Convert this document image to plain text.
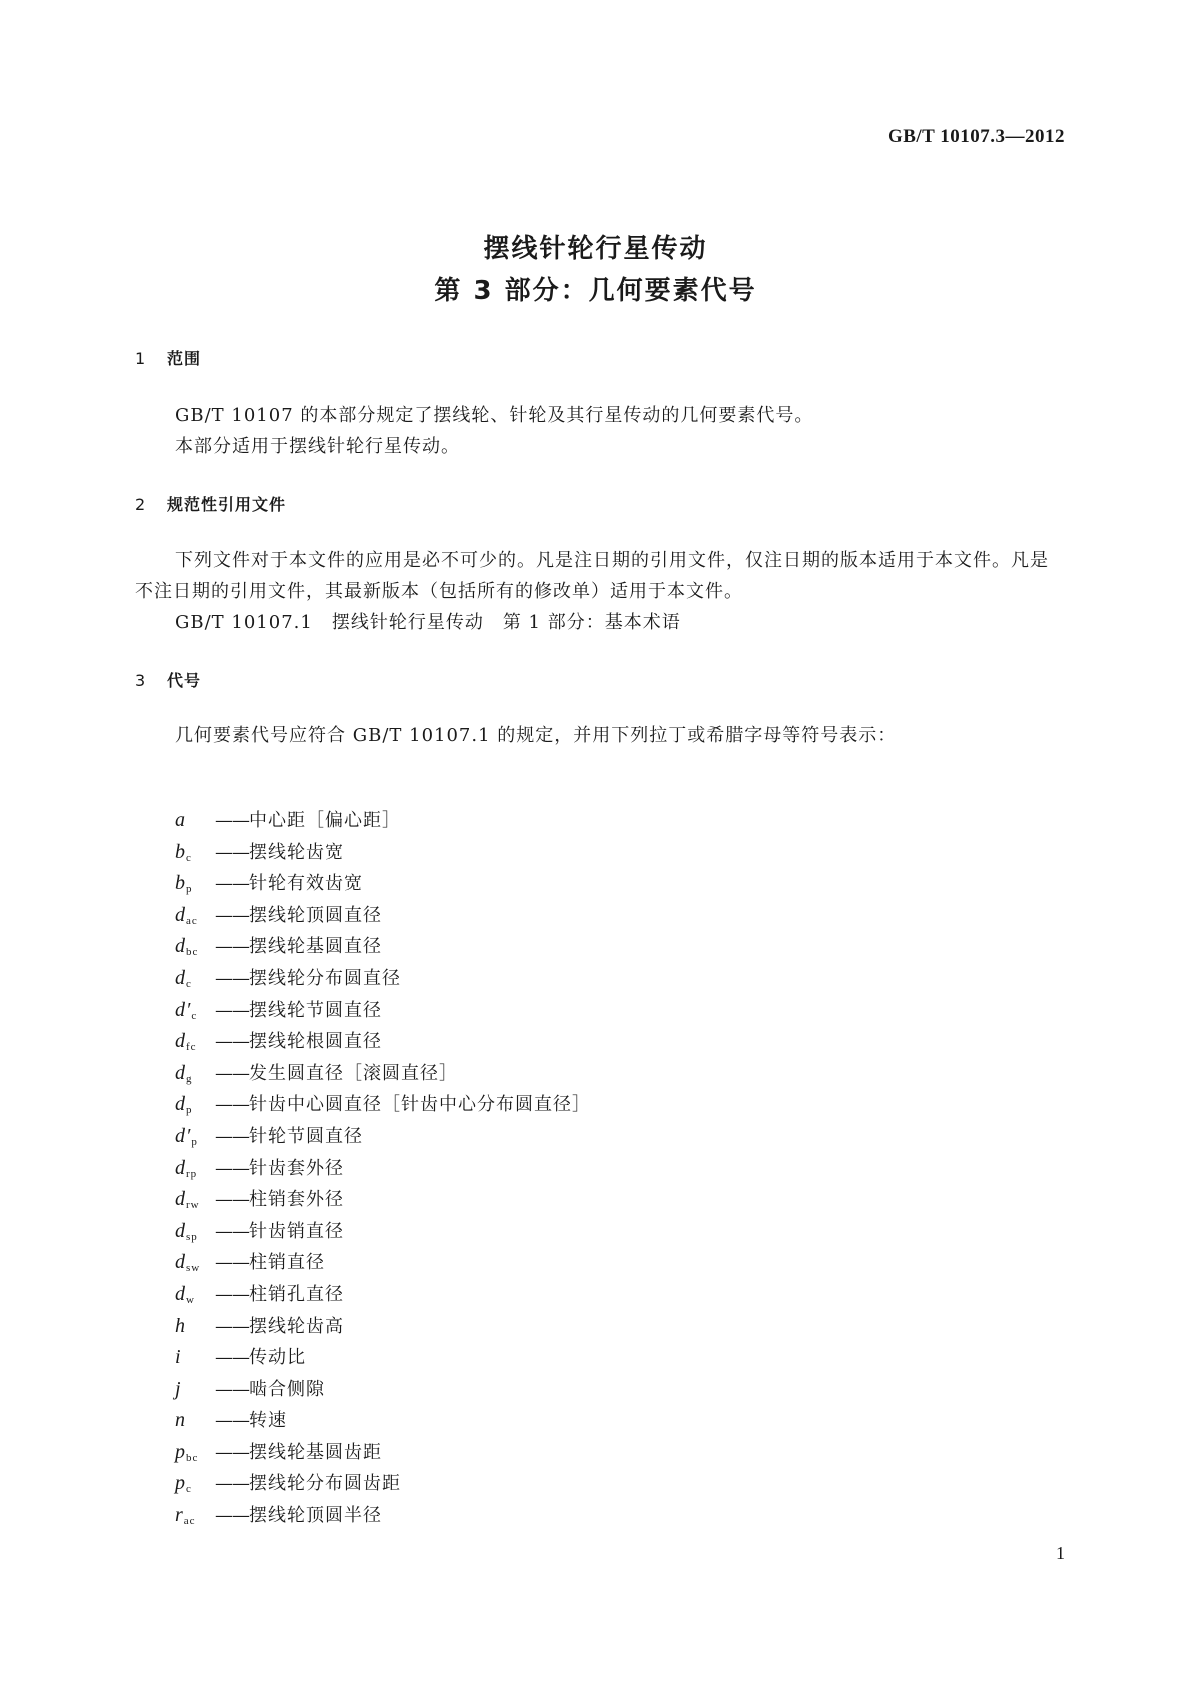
GB/T 10107.3—2012
摆线针轮行星传动
第 3 部分：几何要素代号
1 范围

GB/T 10107 的本部分规定了摆线轮、针轮及其行星传动的几何要素代号。

本部分适用于摆线针轮行星传动。

2 规范性引用文件

下列文件对于本文件的应用是必不可少的。凡是注日期的引用文件，仅注日期的版本适用于本文件。凡是不注日期的引用文件，其最新版本（包括所有的修改单）适用于本文件。

GB/T 10107.1　摆线针轮行星传动　第 1 部分：基本术语

3 代号

几何要素代号应符合 GB/T 10107.1 的规定，并用下列拉丁或希腊字母等符号表示：

a ——中心距［偏心距］
$b_c$ ——摆线轮齿宽
$b_p$ ——针轮有效齿宽
$d_{ac}$ ——摆线轮顶圆直径
$d_{bc}$ ——摆线轮基圆直径
$d_c$ ——摆线轮分布圆直径
$d'_c$ ——摆线轮节圆直径
$d_{fc}$ ——摆线轮根圆直径
$d_g$ ——发生圆直径［滚圆直径］
$d_p$ ——针齿中心圆直径［针齿中心分布圆直径］
$d'_p$ ——针轮节圆直径
$d_{rp}$ ——针齿套外径
$d_{rw}$ ——柱销套外径
$d_{sp}$ ——针齿销直径
$d_{sw}$ ——柱销直径
$d_w$ ——柱销孔直径
h ——摆线轮齿高
i ——传动比
j ——啮合侧隙
n ——转速
$p_{bc}$ ——摆线轮基圆齿距
$p_c$ ——摆线轮分布圆齿距
$r_{ac}$ ——摆线轮顶圆半径
1
